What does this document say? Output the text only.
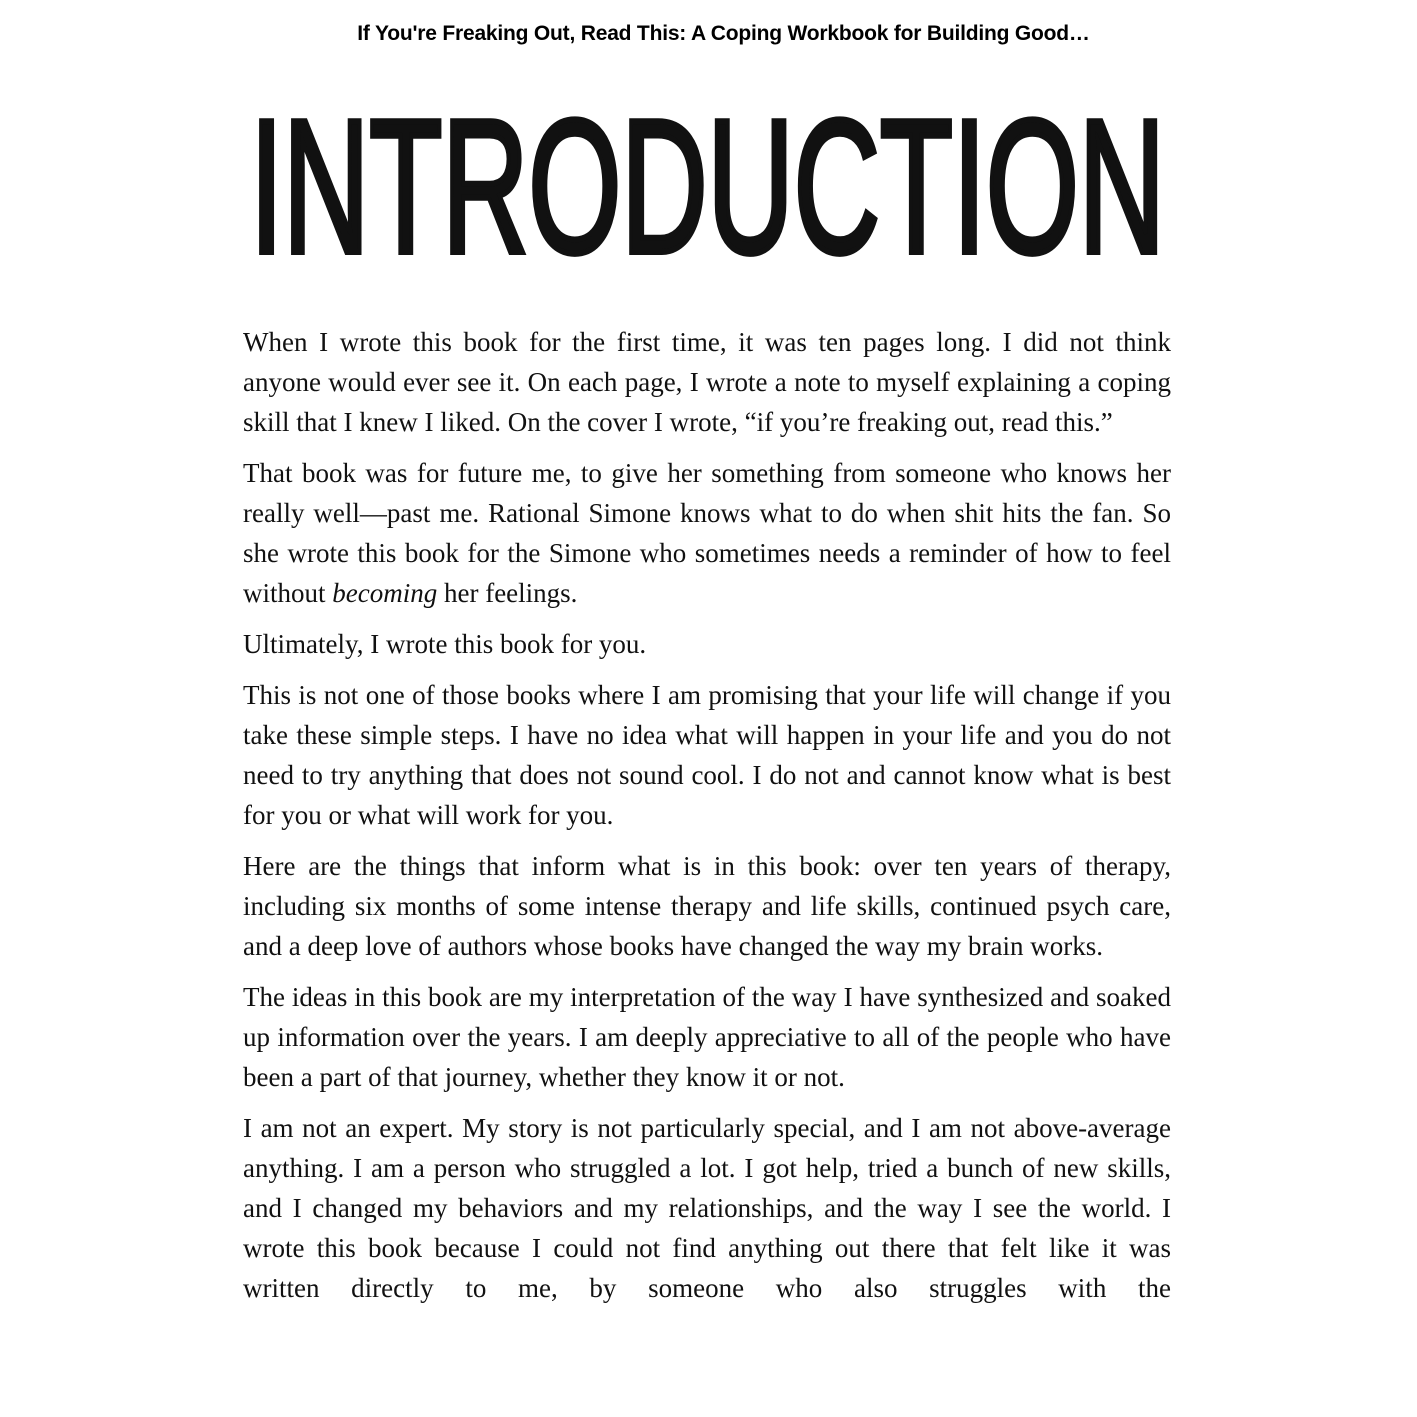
If You're Freaking Out, Read This: A Coping Workbook for Building Good…
INTRODUCTION

When I wrote this book for the first time, it was ten pages long. I did not think anyone would ever see it. On each page, I wrote a note to myself explaining a coping skill that I knew I liked. On the cover I wrote, “if you’re freaking out, read this.”

That book was for future me, to give her something from someone who knows her really well—past me. Rational Simone knows what to do when shit hits the fan. So she wrote this book for the Simone who sometimes needs a reminder of how to feel without becoming her feelings.

Ultimately, I wrote this book for you.

This is not one of those books where I am promising that your life will change if you take these simple steps. I have no idea what will happen in your life and you do not need to try anything that does not sound cool. I do not and cannot know what is best for you or what will work for you.

Here are the things that inform what is in this book: over ten years of therapy, including six months of some intense therapy and life skills, continued psych care, and a deep love of authors whose books have changed the way my brain works.

The ideas in this book are my interpretation of the way I have synthesized and soaked up information over the years. I am deeply appreciative to all of the people who have been a part of that journey, whether they know it or not.

I am not an expert. My story is not particularly special, and I am not above-average anything. I am a person who struggled a lot. I got help, tried a bunch of new skills, and I changed my behaviors and my relationships, and the way I see the world. I wrote this book because I could not find anything out there that felt like it was written directly to me, by someone who also struggles with the
